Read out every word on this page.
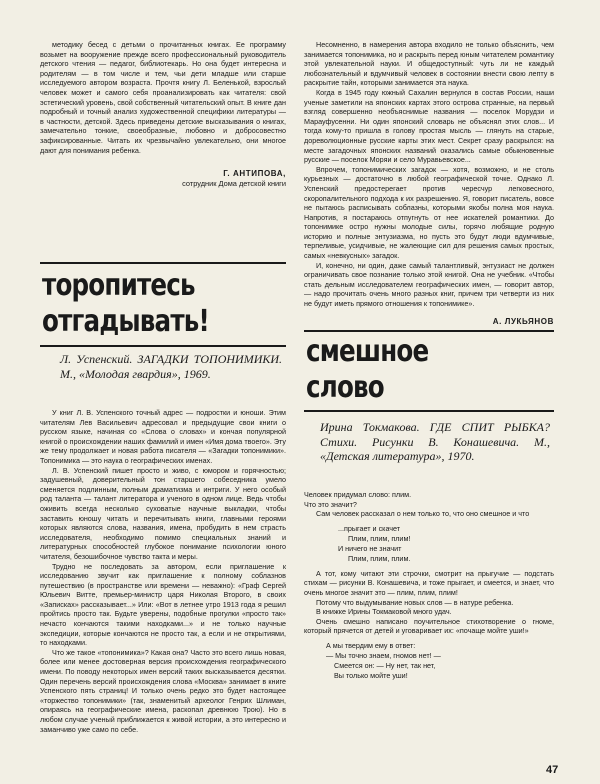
методику бесед с детьми о прочитанных книгах. Ее программу возьмет на вооружение прежде всего профессиональный руководитель детского чтения — педагог, библиотекарь. Но она будет интересна и родителям — в том числе и тем, чьи дети младше или старше исследуемого автором возраста. Прочтя книгу Л. Беленькой, взрослый человек может и самого себя проанализировать как читателя: свой эстетический уровень, свой собственный читательский опыт. В книге дан подробный и точный анализ художественной специфики литературы — в частности, детской. Здесь приведены детские высказывания о книгах, замечательно тонкие, своеобразные, любовно и добросовестно зафиксированные. Читать их чрезвычайно увлекательно, они многое дают для понимания ребенка.

Г. АНТИПОВА,

сотрудник Дома детской книги

Несомненно, в намерения автора входило не только объяснить, чем занимается топонимика, но и раскрыть перед юным читателем романтику этой увлекательной науки. И общедоступный: чуть ли не каждый любознательный и вдумчивый человек в состоянии внести свою лепту в раскрытие тайн, которыми занимается эта наука.

Когда в 1945 году южный Сахалин вернулся в состав России, наши ученые заметили на японских картах этого острова странные, на первый взгляд совершенно необъяснимые названия — поселок Морудзи и Марауфусенни. Ни один японский словарь не объяснял этих слов... И тогда кому-то пришла в голову простая мысль — глянуть на старые, дореволюционные русские карты этих мест. Секрет сразу раскрылся: на месте загадочных японских названий оказались самые обыкновенные русские — поселок Моряи и село Муравьевское...

Впрочем, топонимических загадок — хотя, возможно, и не столь курьезных — достаточно в любой географической точке. Однако Л. Успенский предостерегает против чересчур легковесного, скоропалительного подхода к их разрешению. Я, говорит писатель, вовсе не пытаюсь расписывать соблазны, которыми якобы полна моя наука. Напротив, я постараюсь отпугнуть от нее искателей романтики. До топонимике остро нужны молодые силы, горячо любящие родную историю и полные энтузиазма, но пусть это будут люди вдумчивые, терпеливые, усидчивые, не жалеющие сил для решения самых простых, самых «невкусных» загадок.

И, конечно, ни один, даже самый талантливый, энтузиаст не должен ограничивать свое познание только этой книгой. Она не учебник. «Чтобы стать дельным исследователем географических имен, — говорит автор, — надо прочитать очень много разных книг, причем три четверти из них не будут иметь прямого отношения к топонимике».

А. ЛУКЬЯНОВ

торопитесь
отгадывать!
Л. Успенский. ЗАГАДКИ ТОПОНИМИКИ. М., «Молодая гвардия», 1969.

У книг Л. В. Успенского точный адрес — подростки и юноши. Этим читателям Лев Васильевич адресовал и предыдущие свои книги о русском языке, начиная со «Слова о словах» и кончая популярной книгой о происхождении наших фамилий и имен «Имя дома твоего». Эту же тему продолжает и новая работа писателя — «Загадки топонимики». Топонимика — это наука о географических именах.

Л. В. Успенский пишет просто и живо, с юмором и горячностью; задушевный, доверительный тон старшего собеседника умело сменяется подлинным, полным драматизма и интриги. У него особый род таланта — талант литератора и ученого в одном лице. Ведь чтобы оживить всегда несколько суховатые научные выкладки, чтобы заставить юношу читать и перечитывать книги, главными героями которых являются слова, названия, имена, пробудить в нем страсть исследователя, необходимо помимо специальных знаний и литературных способностей глубокое понимание психологии юного читателя, безошибочное чувство такта и меры.

Трудно не последовать за автором, если приглашение к исследованию звучит как приглашение к полному соблазнов путешествию (в пространстве или времени — неважно): «Граф Сергей Юльевич Витте, премьер-министр царя Николая Второго, в своих «Записках» рассказывает...» Или: «Вот в летнее утро 1913 года я решил пройтись просто так. Будьте уверены, подобные прогулки «просто так» нечасто кончаются такими находками...» и не только научные экспедиции, которые кончаются не просто так, а если и не открытиями, то находками.

Что же такое «топонимика»? Какая она? Часто это всего лишь новая, более или менее достоверная версия происхождения географического имени. По поводу некоторых имен версий таких высказывается десятки. Один перечень версий происхождения слова «Москва» занимает в книге Успенского пять страниц! И только очень редко это будет настоящее «торжество топонимики» (так, знаменитый археолог Генрих Шлиман, опираясь на географические имена, раскопал древнюю Трою). Но в любом случае ученый приближается к живой истории, а это интересно и заманчиво уже само по себе.

смешное
слово
Ирина Токмакова. ГДЕ СПИТ РЫБКА? Стихи. Рисунки В. Конашевича. М., «Детская литература», 1970.

Человек придумал слово: плим.

Что это значит?

Сам человек рассказал о нем только то, что оно смешное и что

...прыгает и скачет

Плим, плим, плим!

И ничего не значит

Плим, плим, плим.

А тот, кому читают эти строчки, смотрит на прыгучие — подстать стихам — рисунки В. Конашевича, и тоже прыгает, и смеется, и знает, что очень многое значит это — плим, плим, плим!

Потому что выдумывание новых слов — в натуре ребенка.

В книжке Ирины Токмаковой много удач.

Очень смешно написано поучительное стихотворение о гноме, который прячется от детей и уговаривает их: «почаще мойте уши!»

А мы твердим ему в ответ:

— Мы точно знаем, гномов нет! —

Смеется он: — Ну нет, так нет,

Вы только мойте уши!

47
